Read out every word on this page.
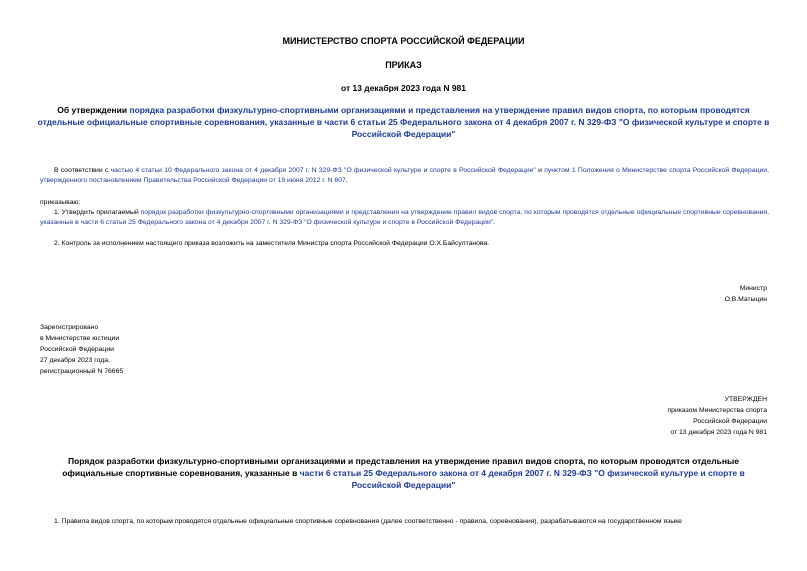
МИНИСТЕРСТВО СПОРТА РОССИЙСКОЙ ФЕДЕРАЦИИ
ПРИКАЗ
от 13 декабря 2023 года N 981
Об утверждении порядка разработки физкультурно-спортивными организациями и представления на утверждение правил видов спорта, по которым проводятся отдельные официальные спортивные соревнования, указанные в части 6 статьи 25 Федерального закона от 4 декабря 2007 г. N 329-ФЗ "О физической культуре и спорте в Российской Федерации"
В соответствии с частью 4 статьи 10 Федерального закона от 4 декабря 2007 г. N 329-ФЗ "О физической культуре и спорте в Российской Федерации" и пунктом 1 Положения о Министерстве спорта Российской Федерации, утвержденного постановлением Правительства Российской Федерации от 19 июня 2012 г. N 607,
приказываю:
1. Утвердить прилагаемый порядок разработки физкультурно-спортивными организациями и представления на утверждение правил видов спорта, по которым проводятся отдельные официальные спортивные соревнования, указанные в части 6 статьи 25 Федерального закона от 4 декабря 2007 г. N 329-ФЗ "О физической культуре и спорте в Российской Федерации".
2. Контроль за исполнением настоящего приказа возложить на заместителя Министра спорта Российской Федерации О.Х.Байсултанова.
Министр
О.В.Матыцин
Зарегистрировано
в Министерстве юстиции
Российской Федерации
27 декабря 2023 года,
регистрационный N 76665
УТВЕРЖДЕН
приказом Министерства спорта
Российской Федерации
от 13 декабря 2023 года N 981
Порядок разработки физкультурно-спортивными организациями и представления на утверждение правил видов спорта, по которым проводятся отдельные официальные спортивные соревнования, указанные в части 6 статьи 25 Федерального закона от 4 декабря 2007 г. N 329-ФЗ "О физической культуре и спорте в Российской Федерации"
1. Правила видов спорта, по которым проводятся отдельные официальные спортивные соревнования (далее соответственно - правила, соревнования), разрабатываются на государственном языке
